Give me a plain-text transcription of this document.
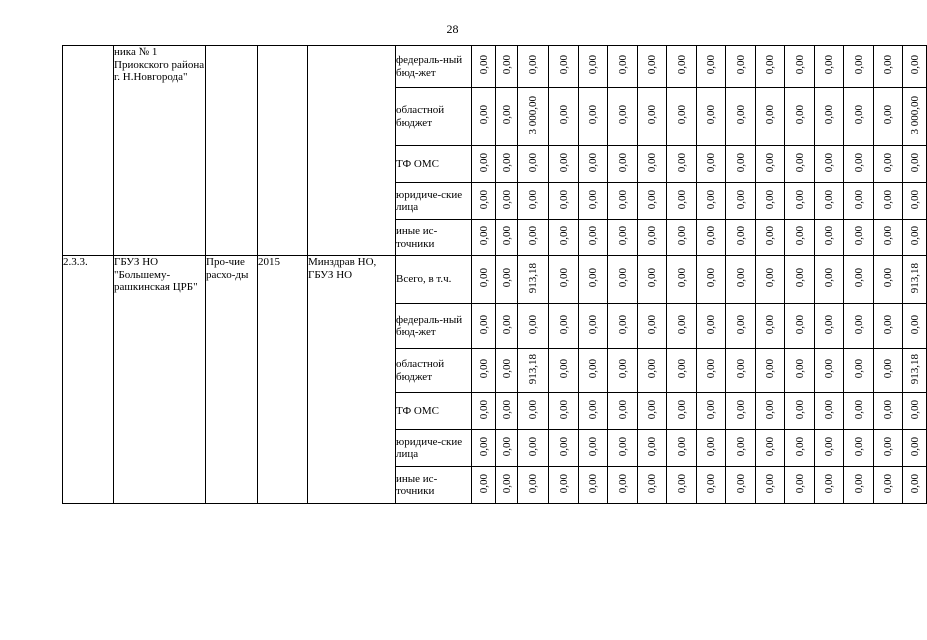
28
	ника № 1 Приокского района г. Н.Новгорода"				федераль-ный бюд-жет	0,00	0,00	0,00	0,00	0,00	0,00	0,00	0,00	0,00	0,00	0,00	0,00	0,00	0,00	0,00	0,00
					областной бюджет	0,00	0,00	3 000,00	0,00	0,00	0,00	0,00	0,00	0,00	0,00	0,00	0,00	0,00	0,00	0,00	3 000,00
					ТФ ОМС	0,00	0,00	0,00	0,00	0,00	0,00	0,00	0,00	0,00	0,00	0,00	0,00	0,00	0,00	0,00	0,00
					юридиче-ские лица	0,00	0,00	0,00	0,00	0,00	0,00	0,00	0,00	0,00	0,00	0,00	0,00	0,00	0,00	0,00	0,00
					иные ис-точники	0,00	0,00	0,00	0,00	0,00	0,00	0,00	0,00	0,00	0,00	0,00	0,00	0,00	0,00	0,00	0,00
2.3.3.	ГБУЗ НО "Большему-рашкинская ЦРБ"	Про-чие расхо-ды	2015	Минздрав НО, ГБУЗ НО	Всего, в т.ч.	0,00	0,00	913,18	0,00	0,00	0,00	0,00	0,00	0,00	0,00	0,00	0,00	0,00	0,00	0,00	913,18
					федераль-ный бюд-жет	0,00	0,00	0,00	0,00	0,00	0,00	0,00	0,00	0,00	0,00	0,00	0,00	0,00	0,00	0,00	0,00
					областной бюджет	0,00	0,00	913,18	0,00	0,00	0,00	0,00	0,00	0,00	0,00	0,00	0,00	0,00	0,00	0,00	913,18
					ТФ ОМС	0,00	0,00	0,00	0,00	0,00	0,00	0,00	0,00	0,00	0,00	0,00	0,00	0,00	0,00	0,00	0,00
					юридиче-ские лица	0,00	0,00	0,00	0,00	0,00	0,00	0,00	0,00	0,00	0,00	0,00	0,00	0,00	0,00	0,00	0,00
					иные ис-точники	0,00	0,00	0,00	0,00	0,00	0,00	0,00	0,00	0,00	0,00	0,00	0,00	0,00	0,00	0,00	0,00
